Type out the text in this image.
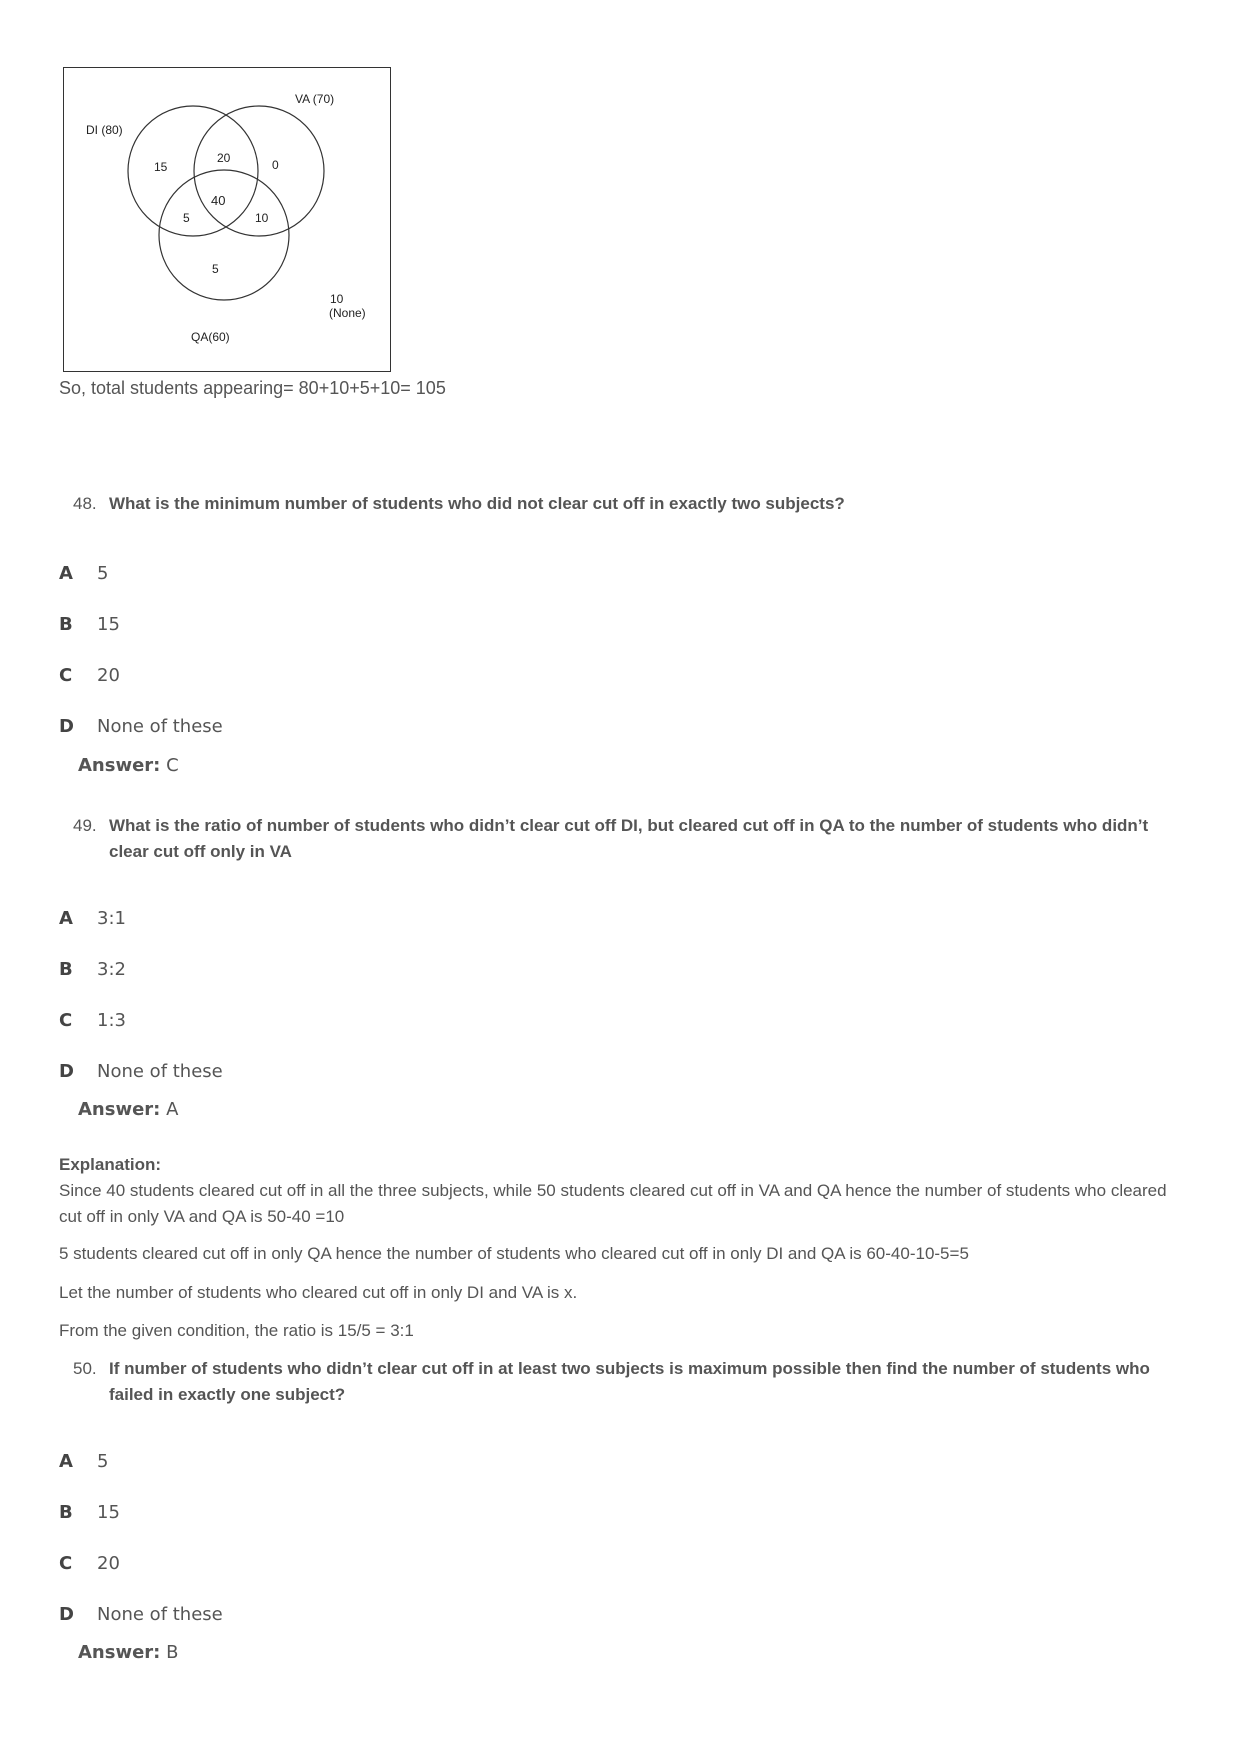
VA (70)
DI (80)
15
20	0
40
5	10
5
10
(None)
QA(60)
So, total students appearing= 80+10+5+10= 105
48. What is the minimum number of students who did not clear cut off in exactly two subjects?
A 5
B 15
C 20
D None of these
Answer: C
49. What is the ratio of number of students who didn’t clear cut off DI, but cleared cut off in QA to the number of students who didn’t clear cut off only in VA
A 3:1
B 3:2
C 1:3
D None of these
Answer: A
Explanation:
Since 40 students cleared cut off in all the three subjects, while 50 students cleared cut off in VA and QA hence the number of students who cleared cut off in only VA and QA is 50-40 =10
5 students cleared cut off in only QA hence the number of students who cleared cut off in only DI and QA is 60-40-10-5=5
Let the number of students who cleared cut off in only DI and VA is x.
From the given condition, the ratio is 15/5 = 3:1
50. If number of students who didn’t clear cut off in at least two subjects is maximum possible then find the number of students who failed in exactly one subject?
A 5
B 15
C 20
D None of these
Answer: B
